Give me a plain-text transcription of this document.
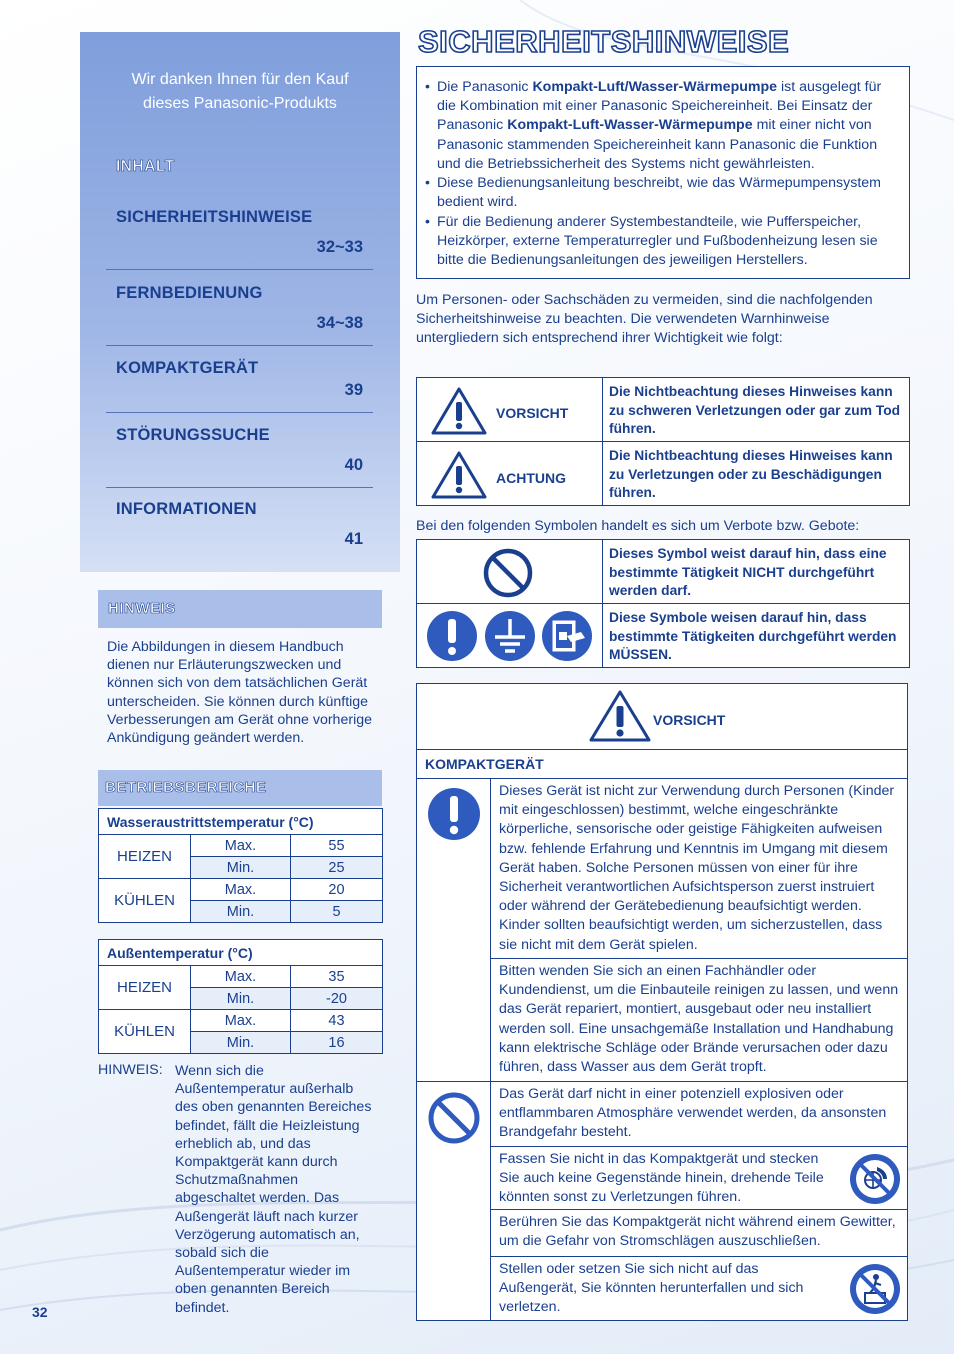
Wir danken Ihnen für den Kauf
dieses Panasonic-Produkts
INHALT
SICHERHEITSHINWEISE
32~33
FERNBEDIENUNG
34~38
KOMPAKTGERÄT
39
STÖRUNGSSUCHE
40
INFORMATIONEN
41
HINWEIS
Die Abbildungen in diesem Handbuch dienen nur Erläuterungszwecken und können sich von dem tatsächlichen Gerät unterscheiden. Sie können durch künftige Verbesserungen am Gerät ohne vorherige Ankündigung geändert werden.
BETRIEBSBEREICHE
Wasseraustrittstemperatur (°C)		
HEIZEN	Max.	55
	Min.	25
KÜHLEN	Max.	20
	Min.	5
Außentemperatur (°C)		
HEIZEN	Max.	35
	Min.	-20
KÜHLEN	Max.	43
	Min.	16
HINWEIS: Wenn sich die Außentemperatur außerhalb des oben genannten Bereiches befindet, fällt die Heizleistung erheblich ab, und das Kompaktgerät kann durch Schutzmaßnahmen abgeschaltet werden. Das Außengerät läuft nach kurzer Verzögerung automatisch an, sobald sich die Außentemperatur wieder im oben genannten Bereich befindet.
32
SICHERHEITSHINWEISE
• Die Panasonic Kompakt-Luft/Wasser-Wärmepumpe ist ausgelegt für die Kombination mit einer Panasonic Speichereinheit. Bei Einsatz der Panasonic Kompakt-Luft-Wasser-Wärmepumpe mit einer nicht von Panasonic stammenden Speichereinheit kann Panasonic die Funktion und die Betriebssicherheit des Systems nicht gewährleisten.
• Diese Bedienungsanleitung beschreibt, wie das Wärmepumpensystem bedient wird.
• Für die Bedienung anderer Systembestandteile, wie Pufferspeicher, Heizkörper, externe Temperaturregler und Fußbodenheizung lesen sie bitte die Bedienungsanleitungen des jeweiligen Herstellers.
Um Personen- oder Sachschäden zu vermeiden, sind die nachfolgenden Sicherheitshinweise zu beachten. Die verwendeten Warnhinweise untergliedern sich entsprechend ihrer Wichtigkeit wie folgt:
VORSICHT
Die Nichtbeachtung dieses Hinweises kann zu schweren Verletzungen oder gar zum Tod führen.
ACHTUNG
Die Nichtbeachtung dieses Hinweises kann zu Verletzungen oder zu Beschädigungen führen.
Bei den folgenden Symbolen handelt es sich um Verbote bzw. Gebote:
Dieses Symbol weist darauf hin, dass eine bestimmte Tätigkeit NICHT durchgeführt werden darf.
Diese Symbole weisen darauf hin, dass bestimmte Tätigkeiten durchgeführt werden MÜSSEN.
VORSICHT
KOMPAKTGERÄT
Dieses Gerät ist nicht zur Verwendung durch Personen (Kinder mit eingeschlossen) bestimmt, welche eingeschränkte körperliche, sensorische oder geistige Fähigkeiten aufweisen bzw. fehlende Erfahrung und Kenntnis im Umgang mit diesem Gerät haben. Solche Personen müssen von einer für ihre Sicherheit verantwortlichen Aufsichtsperson zuerst instruiert oder während der Gerätebedienung beaufsichtigt werden. Kinder sollten beaufsichtigt werden, um sicherzustellen, dass sie nicht mit dem Gerät spielen.
Bitten wenden Sie sich an einen Fachhändler oder Kundendienst, um die Einbauteile reinigen zu lassen, und wenn das Gerät repariert, montiert, ausgebaut oder neu installiert werden soll. Eine unsachgemäße Installation und Handhabung kann elektrische Schläge oder Brände verursachen oder dazu führen, dass Wasser aus dem Gerät tropft.
Das Gerät darf nicht in einer potenziell explosiven oder entflammbaren Atmosphäre verwendet werden, da ansonsten Brandgefahr besteht.
Fassen Sie nicht in das Kompaktgerät und stecken Sie auch keine Gegenstände hinein, drehende Teile könnten sonst zu Verletzungen führen.
Berühren Sie das Kompaktgerät nicht während einem Gewitter, um die Gefahr von Stromschlägen auszuschließen.
Stellen oder setzen Sie sich nicht auf das Außengerät, Sie könnten herunterfallen und sich verletzen.
